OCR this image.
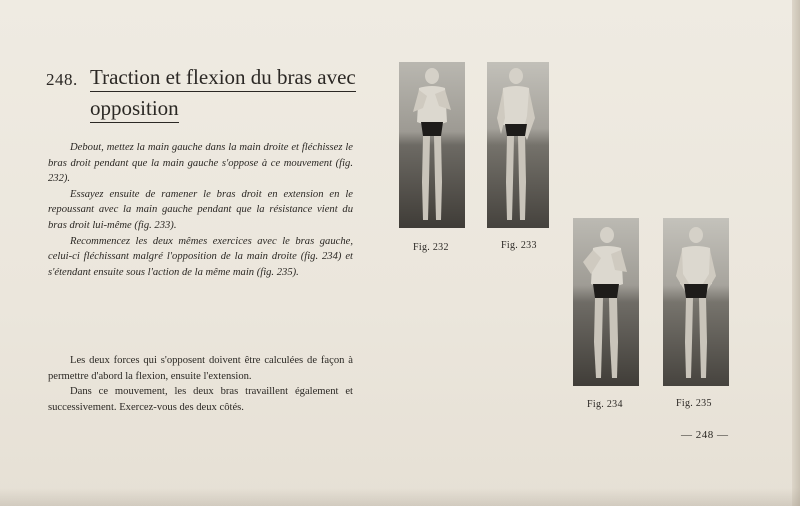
248. Traction et flexion du bras avec opposition

Debout, mettez la main gauche dans la main droite et fléchissez le bras droit pendant que la main gauche s'oppose à ce mouvement (fig. 232).

Essayez ensuite de ramener le bras droit en extension en le repoussant avec la main gauche pendant que la résistance vient du bras droit lui-même (fig. 233).

Recommencez les deux mêmes exercices avec le bras gauche, celui-ci fléchissant malgré l'opposition de la main droite (fig. 234) et s'étendant ensuite sous l'action de la même main (fig. 235).

Les deux forces qui s'opposent doivent être calculées de façon à permettre d'abord la flexion, ensuite l'extension.

Dans ce mouvement, les deux bras travaillent également et successivement. Exercez-vous des deux côtés.

Fig. 232	Fig. 233
Fig. 234	Fig. 235
— 248 —
